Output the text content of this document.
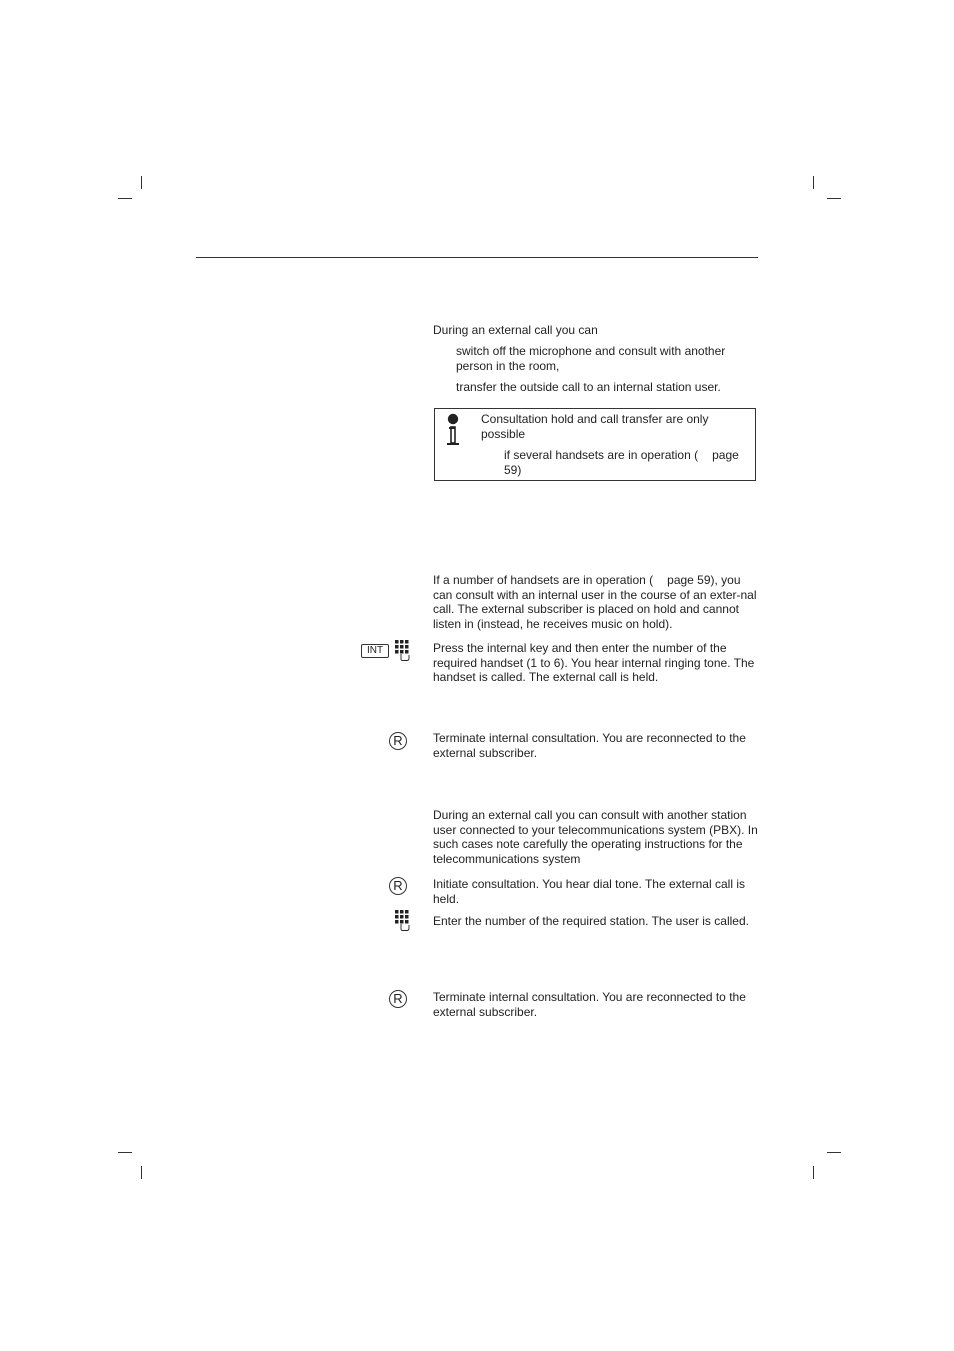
During an external call you can
switch off the microphone and consult with another person in the room,
transfer the outside call to an internal station user.
Consultation hold and call transfer are only possible
if several handsets are in operation ( page 59)
If a number of handsets are in operation ( page 59), you can consult with an internal user in the course of an exter-nal call. The external subscriber is placed on hold and cannot listen in (instead, he receives music on hold).
INT	Press the internal key and then enter the number of the required handset (1 to 6). You hear internal ringing tone. The handset is called. The external call is held.
R	Terminate internal consultation. You are reconnected to the external subscriber.
During an external call you can consult with another station user connected to your telecommunications system (PBX). In such cases note carefully the operating instructions for the telecommunications system
R	Initiate consultation. You hear dial tone. The external call is held.
Enter the number of the required station. The user is called.
R	Terminate internal consultation. You are reconnected to the external subscriber.
